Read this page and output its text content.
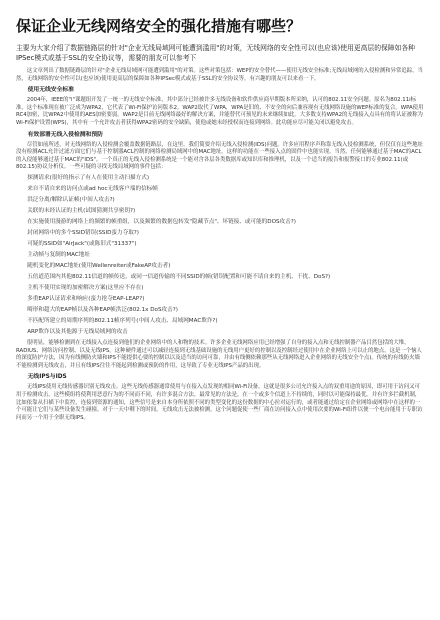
保证企业无线网络安全的强化措施有哪些？
主要为大家介绍了数据链路层的针对"企业无线局域网可能遭到滥用"的对策，无线网络的安全性可以(也应该)使用更高层的保障如各种IPSec模式或基于SSL的安全协议等，需要的朋友可以参考下

这文章列出了数据链路层的针对"企业无线局域网可能遭到滥用"的对策。这些对策包括：WEP的安全替代——使用无线安全标准;无线局域网的入侵检测和异常追踪。当然，无线网络的安全性可以(也应该)使用更高层的保障如各种IPSec模式或基于SSL的安全协议等。有兴趣的朋友可以来看一下。

使用无线安全标准

2004年，IEEE的"i"课题组开发了一统一的无线安全标准，其中部分已经被许多无线设备和软件供应商早期版本所采纳，认可的802.11安全问题。原名为802.11i标准，这个标准现在被广泛成为WPA2，它代表了Wi-Fi保护访问版本2。WAP2取代了WPA，WPA是旧的、不安全的向后兼容现有无线网络设施的WEP标准的复合。WPA使用RC4加密，比WPA2中使用的AES加密要弱。WAP2是目前无线网络最好的解决方案，并能替代可预见的未来继续如此。大多数支持WPA2的无线接入点具有的将认证被称为Wi-Fi保护设置(WPS)，其中有一个允许攻击者获得WPA2密码的安全缺陷，使他或她未经授权而连接到网络。此功能应尽可能关闭以避免攻击。

有效部署无线入侵检测和预防

尽管如前所述，对无线网络的入侵检测会覆盖数据链路层，在这里，我们简要介绍无线入侵检测(IDS)问题。许多应用程序声称靠无线入侵检测系统，但仅仅在这些地址没有检测ACL允许过滤方面它们与基于控制器ACL控制的网络检测局域网中的MAC地址。这样的功能在一些接入点的固件中也能实现。当然，任何能够通过基于MAC的ACL的入侵能够通过基于MAC的"IDS"。一个真正的无线入侵检测系统是一个能对含各层各类数据库或知识库和推理机，以及一个适当的报告和报警接口的专业802.11(或802.15)协议分析仪。一些可疑的寻找无线局域网的事件包括：

探测请求(很好的指示了有人在使用主动扫描方式)

来自不请自来的访问点或ad hoc无线客户端的信标帧

洪泛分离/解除认证帧(中间人攻击?)

关联的未经认证的主机(试图猜测共享密钥?)

在实施使用漫游的网络上的频繁的帧重组，以及频繁的数据包转发"隐藏节点"、坏链接、或可能的DOS攻击?)

封闭网络中的多个SSID错误(SSID蛮力夺取?)

可疑的SSID如"AirJack"(或陈旧式"31337")

主动帧与复制的MAC地址

随机变化的MAC地址(使用Wellenreiter或FakeAP攻击者)

五倍道范围内其他802.11信道的帧传送，或同一信道传输的不同SSID的帧(错误配置和可能不请自来的主机、干扰、DoS?)

主机不使用实现的加密解决方案(这里应不存在)

多重EAP认证请求和响应(蛮力抢夺EAP-LEAP?)

畸形和超大的EAP帧以及各种EAP帧洪泛(802.1x DoS攻击?)

不匹配所建立的周期序列的802.11帧序列号(中间人攻击、局域网MAC欺诈?)

ARP欺诈以及其他源于无线局域网的攻击

很明显，能够检测到在无线接入点连接到他们的企业网络中的人和物的技术。许多企业无线网络应用已经增强了自身的接入点和无线控制器产品目然包括的大堆，RADIUS、网络访问控制、以及无线IPS。这种硬件通过可以减轻连接到无线基础设施的无线用户更好的控制以及控制经过使用中在企业网络上可以止的地点。这是一个恼人的深度防护方法，因为有线侧防火墙和IPS不能提供心要的控制以以及适当的访问可靠，并由有线侧依赖那些从无线网络进入企业网络的无线安全个点)。传统的有线防火墙不能检测到无线攻击，并且有线IPS往往不能起到检测或预防的作用，这导致了专业无线IPS产品的出现。

无线IPS与IDS

无线IPS使用无线传感器识别无线攻击。这些无线传感器通常使用与在接入点发现的相同Wi-Fi设备，这就是很多公司允许接入点的双重用途的原因，即可用于访问又可用于检测攻击。这些模组将使利用恶意行为的不同而不同，有许多混合方法。最常见的方法是，在一个或多个信道上不持续的，同时以可能保持最优。并有许多拦截机制，比如依靠从扫描下中监控，连接到资源的通知，这些信号是来自本身所依照不同的类型变化的这份数据的中心拉对运行的，或者能通过给定在企业网络或网络中在这样的一个可能让它们与某些设备发生碰撞。对于一天中剩下的时间，无线攻击无法被检测。这个问题促使一些厂商在访问接入点中使用次要的Wi-Fi组件以便一个电台能用于专职访问而另一个用于全职无线IPS。
